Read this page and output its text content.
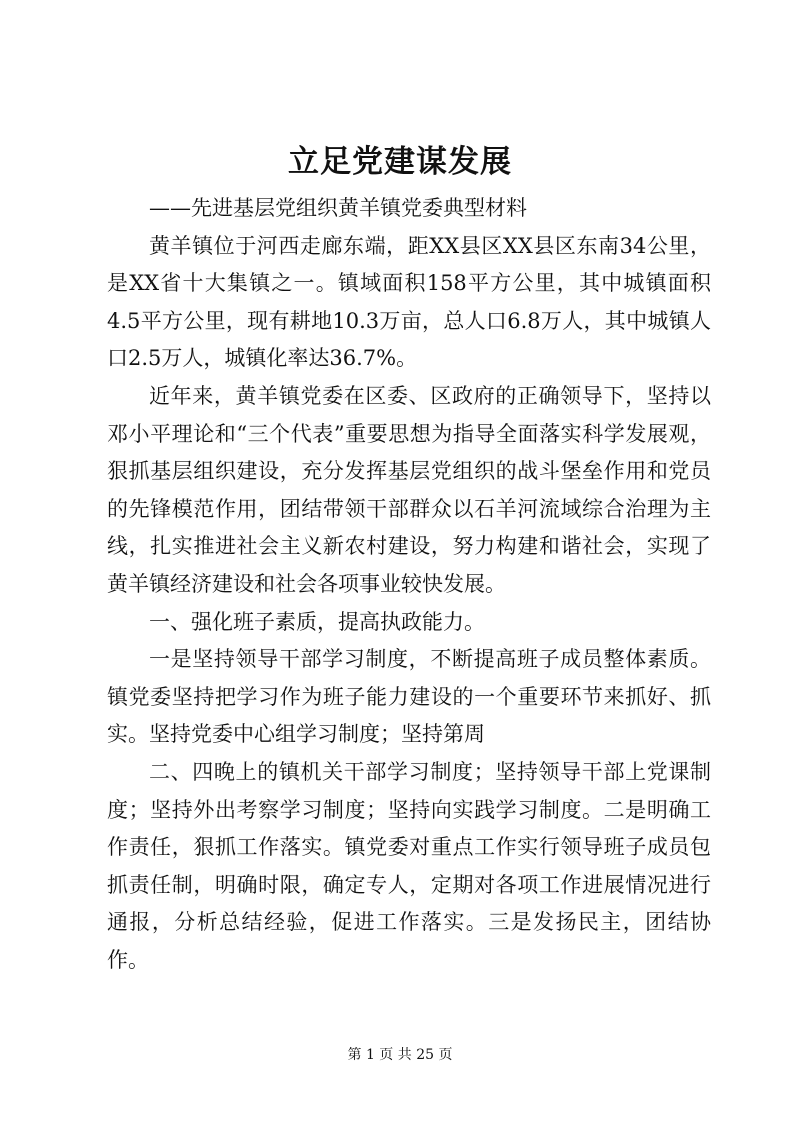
立足党建谋发展

——先进基层党组织黄羊镇党委典型材料

黄羊镇位于河西走廊东端，距XX县区XX县区东南34公里，是XX省十大集镇之一。镇域面积158平方公里，其中城镇面积4.5平方公里，现有耕地10.3万亩，总人口6.8万人，其中城镇人口2.5万人，城镇化率达36.7%。

近年来，黄羊镇党委在区委、区政府的正确领导下，坚持以邓小平理论和“三个代表”重要思想为指导全面落实科学发展观，狠抓基层组织建设，充分发挥基层党组织的战斗堡垒作用和党员的先锋模范作用，团结带领干部群众以石羊河流域综合治理为主线，扎实推进社会主义新农村建设，努力构建和谐社会，实现了黄羊镇经济建设和社会各项事业较快发展。

一、强化班子素质，提高执政能力。

一是坚持领导干部学习制度，不断提高班子成员整体素质。镇党委坚持把学习作为班子能力建设的一个重要环节来抓好、抓实。坚持党委中心组学习制度；坚持第周

二、四晚上的镇机关干部学习制度；坚持领导干部上党课制度；坚持外出考察学习制度；坚持向实践学习制度。二是明确工作责任，狠抓工作落实。镇党委对重点工作实行领导班子成员包抓责任制，明确时限，确定专人，定期对各项工作进展情况进行通报，分析总结经验，促进工作落实。三是发扬民主，团结协作。

第 1 页 共 25 页
